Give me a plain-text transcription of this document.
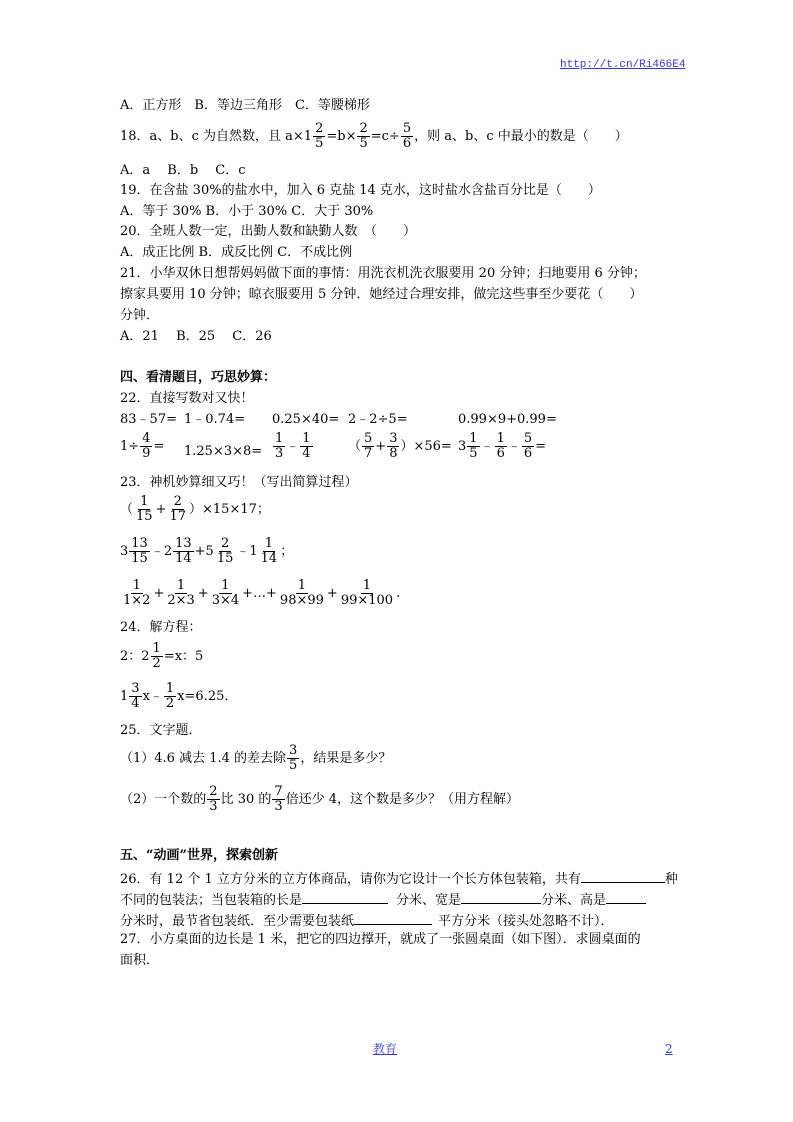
http://t.cn/Ri466E4
A．正方形　B．等边三角形　C．等腰梯形
18．a、b、c 为自然数，且 $a\times 1 \frac{2}{5} =b\times \frac{2}{5} =c\div \frac{5}{6}$ ，则 a、b、c 中最小的数是（　　）
A．a　 B．b　 C．c
19．在含盐 30%的盐水中，加入 6 克盐 14 克水，这时盐水含盐百分比是（　　）
A．等于 30% B．小于 30% C．大于 30%
20．全班人数一定，出勤人数和缺勤人数　（　　）
A．成正比例 B．成反比例 C．不成比例
21．小华双休日想帮妈妈做下面的事情：用洗衣机洗衣服要用 20 分钟；扫地要用 6 分钟；
擦家具要用 10 分钟；晾衣服要用 5 分钟．她经过合理安排，做完这些事至少要花（　　）
分钟．
A．21　 B．25　 C．26
四、看清题目，巧思妙算：
22．直接写数对又快！
83﹣57= 1﹣0.74= 0.25×40= 2﹣2÷5=	0.99×9+0.99=
$1\div \frac{4}{9} = 1.25\times 3\times 8= \frac{1}{3}$ ﹣ $\frac{1}{4}$	（ $\frac{5}{7} + \frac{3}{8} )\times 56= 3 \frac{1}{5}$ ﹣ $\frac{1}{6}$ ﹣ $\frac{5}{6}$ =
23．神机妙算细又巧！（写出简算过程）
（ $\frac{1}{15} + \frac{2}{17} )\times 15\times 17$；
$3 \frac{13}{15}$ ﹣2 $\frac{13}{14} +5 \frac{2}{15}$ ﹣1 $\frac{1}{14}$ ；
$\frac{1}{1\times 2} + \frac{1}{2\times 3} + \frac{1}{3\times 4}$ +…+ $\frac{1}{98\times 99} + \frac{1}{99\times 100}$ .
24．解方程：
2：$2 \frac{1}{2} =x$：5
$1 \frac{3}{4}$ x﹣ $\frac{1}{2} x=6.25$．
25．文字题．
（1）4.6 减去 1.4 的差去除 $\frac{3}{5}$ ，结果是多少？
（2）一个数的 $\frac{2}{3}$ 比 30 的 $\frac{7}{3}$ 倍还少 4，这个数是多少？（用方程解）
五、“动画”世界，探索创新
26．有 12 个 1 立方分米的立方体商品，请你为它设计一个长方体包装箱，共有	种
不同的包装法；当包装箱的长是	分米、宽是	分米、高是
分米时，最节省包装纸．至少需要包装纸	平方分米（接头处忽略不计）．
27．小方桌面的边长是 1 米，把它的四边撑开，就成了一张圆桌面（如下图）．求圆桌面的
面积．
教育	2
